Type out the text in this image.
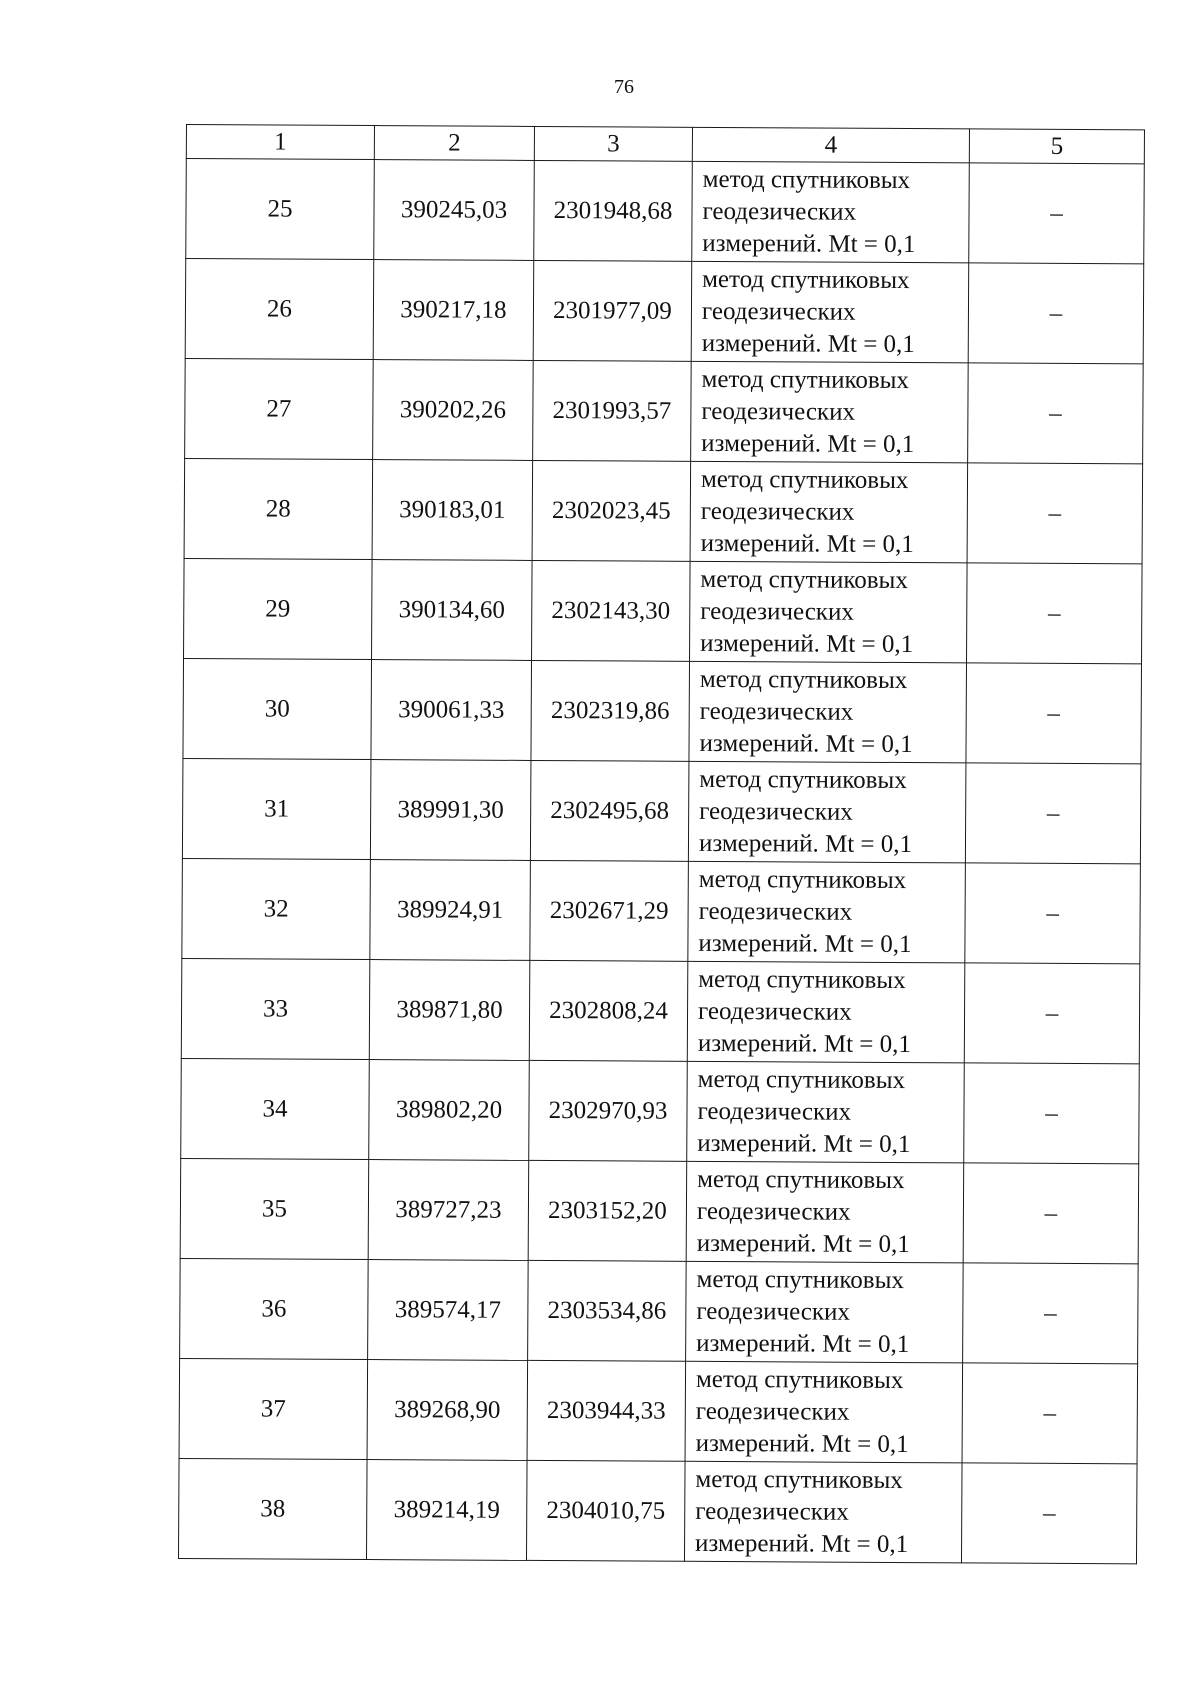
76
1	2	3	4	5
25	390245,03	2301948,68	метод спутниковых
геодезических
измерений. Mt = 0,1	–
26	390217,18	2301977,09	метод спутниковых
геодезических
измерений. Mt = 0,1	–
27	390202,26	2301993,57	метод спутниковых
геодезических
измерений. Mt = 0,1	–
28	390183,01	2302023,45	метод спутниковых
геодезических
измерений. Mt = 0,1	–
29	390134,60	2302143,30	метод спутниковых
геодезических
измерений. Mt = 0,1	–
30	390061,33	2302319,86	метод спутниковых
геодезических
измерений. Mt = 0,1	–
31	389991,30	2302495,68	метод спутниковых
геодезических
измерений. Mt = 0,1	–
32	389924,91	2302671,29	метод спутниковых
геодезических
измерений. Mt = 0,1	–
33	389871,80	2302808,24	метод спутниковых
геодезических
измерений. Mt = 0,1	–
34	389802,20	2302970,93	метод спутниковых
геодезических
измерений. Mt = 0,1	–
35	389727,23	2303152,20	метод спутниковых
геодезических
измерений. Mt = 0,1	–
36	389574,17	2303534,86	метод спутниковых
геодезических
измерений. Mt = 0,1	–
37	389268,90	2303944,33	метод спутниковых
геодезических
измерений. Mt = 0,1	–
38	389214,19	2304010,75	метод спутниковых
геодезических
измерений. Mt = 0,1	–
